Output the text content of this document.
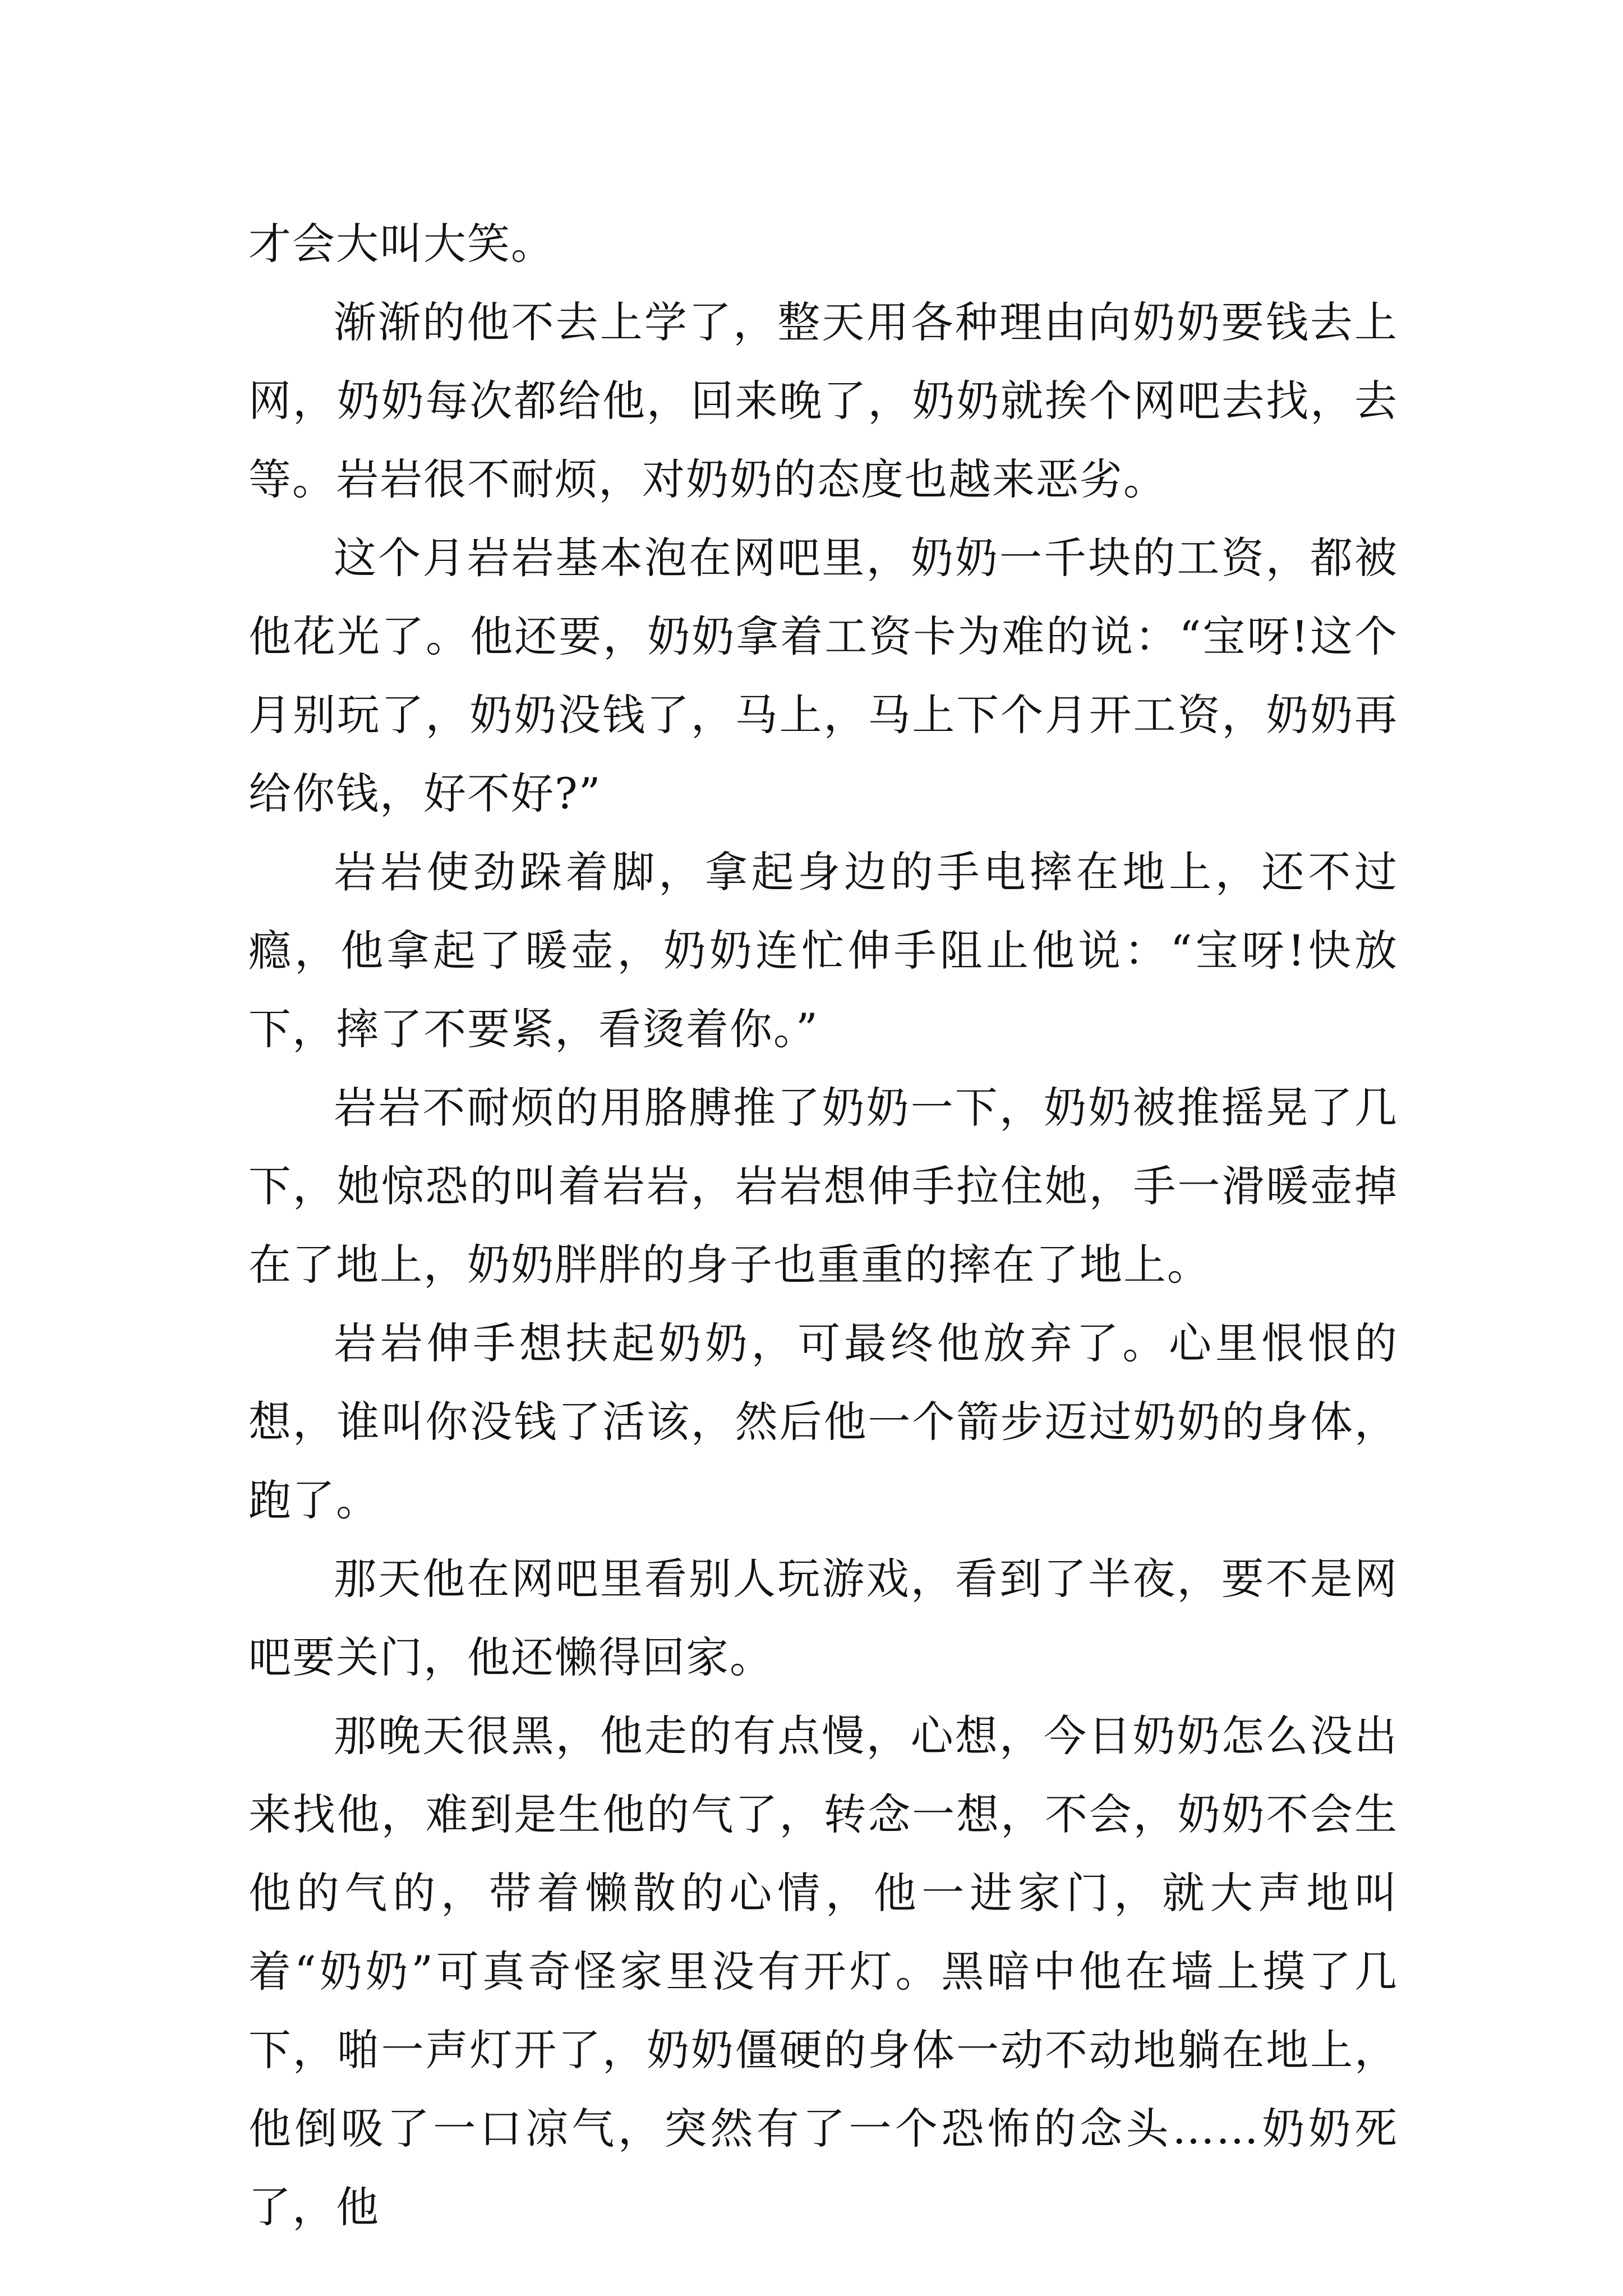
才会大叫大笑。

渐渐的他不去上学了，整天用各种理由向奶奶要钱去上网，奶奶每次都给他，回来晚了，奶奶就挨个网吧去找，去等。岩岩很不耐烦，对奶奶的态度也越来恶劣。

这个月岩岩基本泡在网吧里，奶奶一千块的工资，都被他花光了。他还要，奶奶拿着工资卡为难的说：“宝呀!这个月别玩了，奶奶没钱了，马上，马上下个月开工资，奶奶再给你钱，好不好?”

岩岩使劲跺着脚，拿起身边的手电摔在地上，还不过瘾，他拿起了暖壶，奶奶连忙伸手阻止他说：“宝呀!快放下，摔了不要紧，看烫着你。”

岩岩不耐烦的用胳膊推了奶奶一下，奶奶被推摇晃了几下，她惊恐的叫着岩岩，岩岩想伸手拉住她，手一滑暖壶掉在了地上，奶奶胖胖的身子也重重的摔在了地上。

岩岩伸手想扶起奶奶，可最终他放弃了。心里恨恨的想，谁叫你没钱了活该，然后他一个箭步迈过奶奶的身体，跑了。

那天他在网吧里看别人玩游戏，看到了半夜，要不是网吧要关门，他还懒得回家。

那晚天很黑，他走的有点慢，心想，今日奶奶怎么没出来找他，难到是生他的气了，转念一想，不会，奶奶不会生他的气的，带着懒散的心情，他一进家门，就大声地叫着“奶奶”可真奇怪家里没有开灯。黑暗中他在墙上摸了几下，啪一声灯开了，奶奶僵硬的身体一动不动地躺在地上，他倒吸了一口凉气，突然有了一个恐怖的念头……奶奶死了，他
